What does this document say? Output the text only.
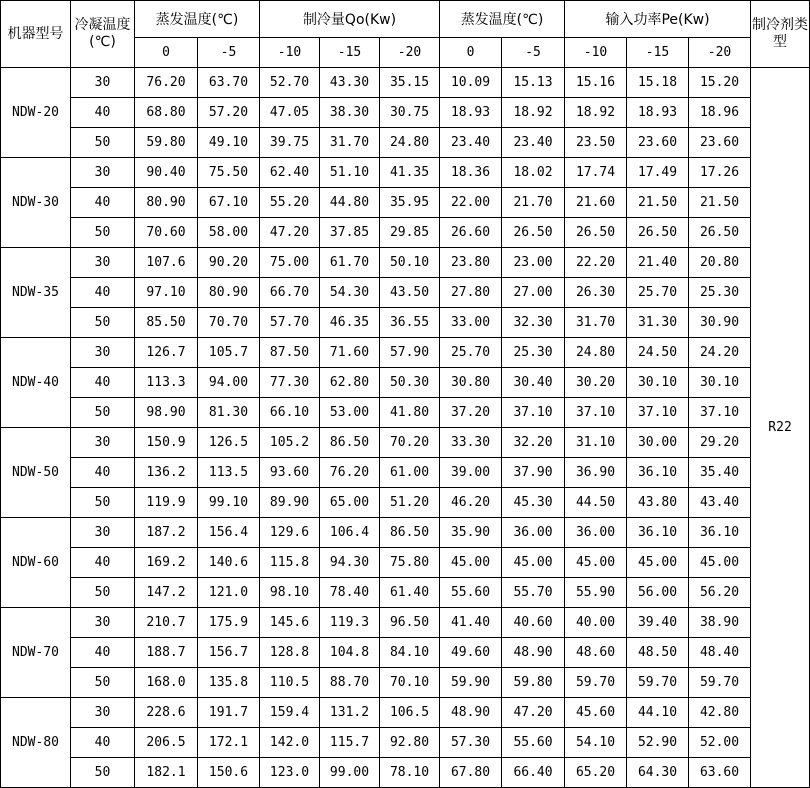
机器型号	冷凝温度(℃)	蒸发温度(℃)		制冷量Qo(Kw)			蒸发温度(℃)		输入功率Pe(Kw)			制冷剂类型
		0	-5	-10	-15	-20	0	-5	-10	-15	-20	
NDW-20	30	76.20	63.70	52.70	43.30	35.15	10.09	15.13	15.16	15.18	15.20	R22
	40	68.80	57.20	47.05	38.30	30.75	18.93	18.92	18.92	18.93	18.96	
	50	59.80	49.10	39.75	31.70	24.80	23.40	23.40	23.50	23.60	23.60	
NDW-30	30	90.40	75.50	62.40	51.10	41.35	18.36	18.02	17.74	17.49	17.26	
	40	80.90	67.10	55.20	44.80	35.95	22.00	21.70	21.60	21.50	21.50	
	50	70.60	58.00	47.20	37.85	29.85	26.60	26.50	26.50	26.50	26.50	
NDW-35	30	107.6	90.20	75.00	61.70	50.10	23.80	23.00	22.20	21.40	20.80	
	40	97.10	80.90	66.70	54.30	43.50	27.80	27.00	26.30	25.70	25.30	
	50	85.50	70.70	57.70	46.35	36.55	33.00	32.30	31.70	31.30	30.90	
NDW-40	30	126.7	105.7	87.50	71.60	57.90	25.70	25.30	24.80	24.50	24.20	
	40	113.3	94.00	77.30	62.80	50.30	30.80	30.40	30.20	30.10	30.10	
	50	98.90	81.30	66.10	53.00	41.80	37.20	37.10	37.10	37.10	37.10	
NDW-50	30	150.9	126.5	105.2	86.50	70.20	33.30	32.20	31.10	30.00	29.20	
	40	136.2	113.5	93.60	76.20	61.00	39.00	37.90	36.90	36.10	35.40	
	50	119.9	99.10	89.90	65.00	51.20	46.20	45.30	44.50	43.80	43.40	
NDW-60	30	187.2	156.4	129.6	106.4	86.50	35.90	36.00	36.00	36.10	36.10	
	40	169.2	140.6	115.8	94.30	75.80	45.00	45.00	45.00	45.00	45.00	
	50	147.2	121.0	98.10	78.40	61.40	55.60	55.70	55.90	56.00	56.20	
NDW-70	30	210.7	175.9	145.6	119.3	96.50	41.40	40.60	40.00	39.40	38.90	
	40	188.7	156.7	128.8	104.8	84.10	49.60	48.90	48.60	48.50	48.40	
	50	168.0	135.8	110.5	88.70	70.10	59.90	59.80	59.70	59.70	59.70	
NDW-80	30	228.6	191.7	159.4	131.2	106.5	48.90	47.20	45.60	44.10	42.80	
	40	206.5	172.1	142.0	115.7	92.80	57.30	55.60	54.10	52.90	52.00	
	50	182.1	150.6	123.0	99.00	78.10	67.80	66.40	65.20	64.30	63.60	
